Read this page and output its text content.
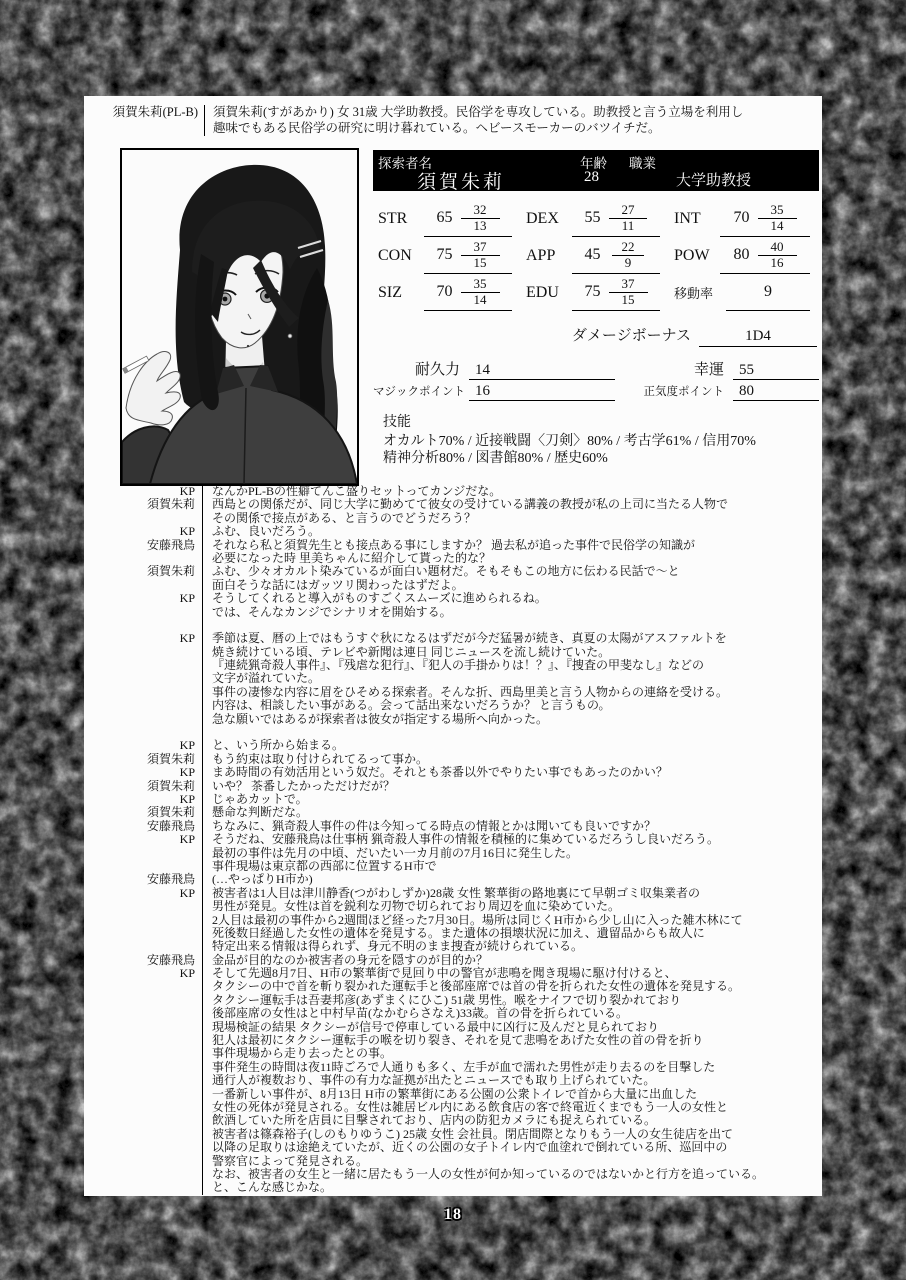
須賀朱莉(PL-B)	須賀朱莉(すがあかり) 女 31歳 大学助教授。民俗学を専攻している。助教授と言う立場を利用し
趣味でもある民俗学の研究に明け暮れている。ヘビースモーカーのバツイチだ。
探索者名	年齢 職業
須賀朱莉	28	大学助教授
STR	$65 \frac{32}{13}$	DEX	$55 \frac{27}{11}$	INT	$70 \frac{35}{14}$
CON	$75 \frac{37}{15}$	APP	$45 \frac{22}{9}$	POW	$80 \frac{40}{16}$
SIZ	$70 \frac{35}{14}$	EDU	$75 \frac{37}{15}$	移動率	9
ダメージボーナス	1D4
耐久力	14	幸運	55
マジックポイント 16	正気度ポイント	80
技能
オカルト70% / 近接戦闘〈刀剣〉80% / 考古学61% / 信用70%
精神分析80% / 図書館80% / 歴史60%
KP	なんかPL-Bの性癖てんこ盛りセットってカンジだな。
須賀朱莉	西島との関係だが、同じ大学に勤めてて彼女の受けている講義の教授が私の上司に当たる人物で
その関係で接点がある、と言うのでどうだろう？
KP	ふむ、良いだろう。
安藤飛鳥	それなら私と須賀先生とも接点ある事にしますか？ 過去私が追った事件で民俗学の知識が
必要になった時 里美ちゃんに紹介して貰った的な？
須賀朱莉	ふむ、少々オカルト染みているが面白い題材だ。そもそもこの地方に伝わる民話で～と
面白そうな話にはガッツリ関わったはずだよ。
KP	そうしてくれると導入がものすごくスムーズに進められるね。
では、そんなカンジでシナリオを開始する。
KP	季節は夏、暦の上ではもうすぐ秋になるはずだが今だ猛暑が続き、真夏の太陽がアスファルトを
焼き続けている頃、テレビや新聞は連日 同じニュースを流し続けていた。
『連続猟奇殺人事件』、『残虐な犯行』、『犯人の手掛かりは！？』、『捜査の甲斐なし』などの
文字が溢れていた。
事件の凄惨な内容に眉をひそめる探索者。そんな折、西島里美と言う人物からの連絡を受ける。
内容は、相談したい事がある。会って話出来ないだろうか？ と言うもの。
急な願いではあるが探索者は彼女が指定する場所へ向かった。
KP	と、いう所から始まる。
須賀朱莉	もう約束は取り付けられてるって事か。
KP	まあ時間の有効活用という奴だ。それとも茶番以外でやりたい事でもあったのかい？
須賀朱莉	いや？ 茶番したかっただけだが？
KP	じゃあカットで。
須賀朱莉	懸命な判断だな。
安藤飛鳥	ちなみに、猟奇殺人事件の件は今知ってる時点の情報とかは聞いても良いですか？
KP	そうだね、安藤飛鳥は仕事柄 猟奇殺人事件の情報を積極的に集めているだろうし良いだろう。
最初の事件は先月の中頃、だいたい一カ月前の7月16日に発生した。
事件現場は東京都の西部に位置するH市で
安藤飛鳥	(…やっぱりH市か)
KP	被害者は1人目は津川静香(つがわしずか)28歳 女性 繁華街の路地裏にて早朝ゴミ収集業者の
男性が発見。女性は首を鋭利な刃物で切られており周辺を血に染めていた。
2人目は最初の事件から2週間ほど経った7月30日。場所は同じくH市から少し山に入った雑木林にて
死後数日経過した女性の遺体を発見する。また遺体の損壊状況に加え、遺留品からも故人に
特定出来る情報は得られず、身元不明のまま捜査が続けられている。
安藤飛鳥	金品が目的なのか被害者の身元を隠すのが目的か？
KP	そして先週8月7日、H市の繁華街で見回り中の警官が悲鳴を聞き現場に駆け付けると、
タクシーの中で首を斬り裂かれた運転手と後部座席では首の骨を折られた女性の遺体を発見する。
タクシー運転手は吾妻邦彦(あずまくにひこ) 51歳 男性。喉をナイフで切り裂かれており
後部座席の女性はと中村早苗(なかむらさなえ)33歳。首の骨を折られている。
現場検証の結果 タクシーが信号で停車している最中に凶行に及んだと見られており
犯人は最初にタクシー運転手の喉を切り裂き、それを見て悲鳴をあげた女性の首の骨を折り
事件現場から走り去ったとの事。
事件発生の時間は夜11時ごろで人通りも多く、左手が血で濡れた男性が走り去るのを目撃した
通行人が複数おり、事件の有力な証拠が出たとニュースでも取り上げられていた。
一番新しい事件が、8月13日 H市の繁華街にある公園の公衆トイレで首から大量に出血した
女性の死体が発見される。女性は雑居ビル内にある飲食店の客で終電近くまでもう一人の女性と
飲酒していた所を店員に目撃されており、店内の防犯カメラにも捉えられている。
被害者は篠森裕子(しのもりゆうこ) 25歳 女性 会社員。閉店間際となりもう一人の女生徒店を出て
以降の足取りは途絶えていたが、近くの公園の女子トイレ内で血塗れで倒れている所、巡回中の
警察官によって発見される。
なお、被害者の女生と一緒に居たもう一人の女性が何か知っているのではないかと行方を追っている。
と、こんな感じかな。
18
